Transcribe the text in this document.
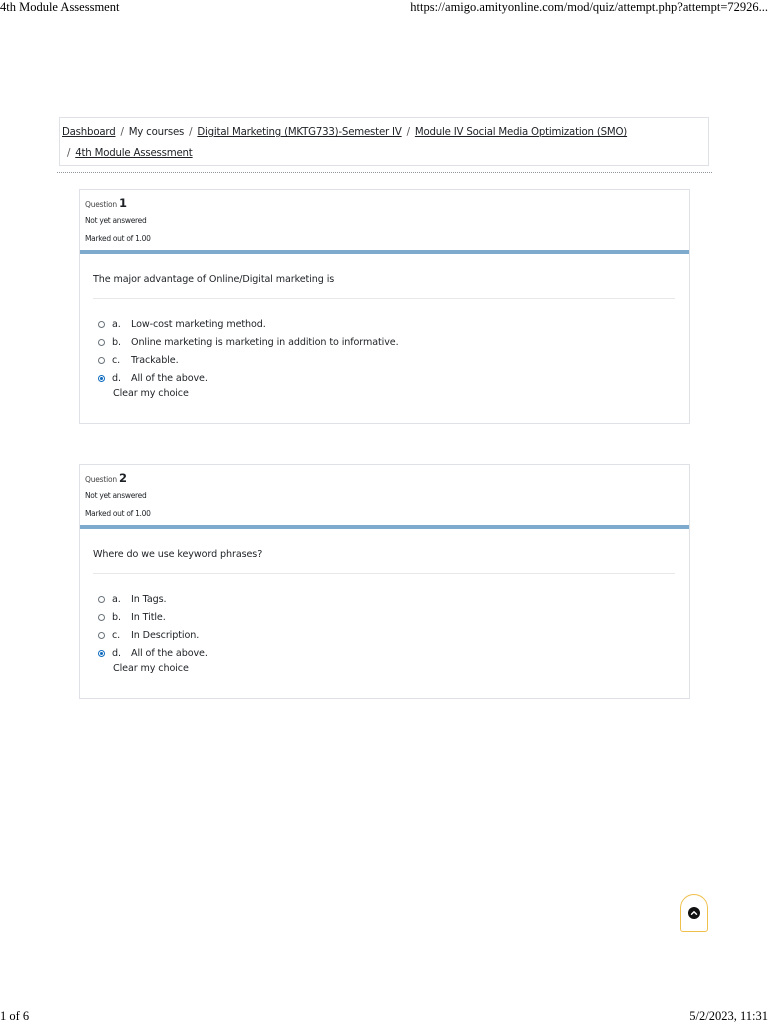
4th Module Assessment	https://amigo.amityonline.com/mod/quiz/attempt.php?attempt=72926...
Dashboard / My courses / Digital Marketing (MKTG733)-Semester IV / Module IV Social Media Optimization (SMO)
/ 4th Module Assessment
Question 1
Not yet answered
Marked out of 1.00
The major advantage of Online/Digital marketing is
a.	Low-cost marketing method.
b.	Online marketing is marketing in addition to informative.
c.	Trackable.
d.	All of the above.
Clear my choice
Question 2
Not yet answered
Marked out of 1.00
Where do we use keyword phrases?
a.	In Tags.
b.	In Title.
c.	In Description.
d.	All of the above.
Clear my choice
1 of 6	5/2/2023, 11:31
